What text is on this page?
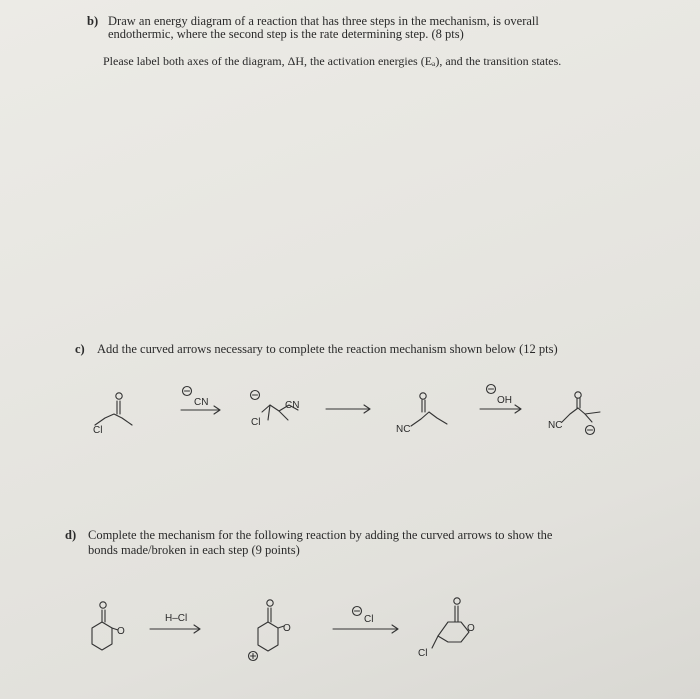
b) Draw an energy diagram of a reaction that has three steps in the mechanism, is overall
endothermic, where the second step is the rate determining step. (8 pts)
Please label both axes of the diagram, ΔH, the activation energies (Eₐ), and the transition states.
c) Add the curved arrows necessary to complete the reaction mechanism shown below (12 pts)
d) Complete the mechanism for the following reaction by adding the curved arrows to show the
bonds made/broken in each step (9 points)
Cl
CN	CN
Cl
NC
OH
NC
O
H–Cl
O
Cl
O
Cl
